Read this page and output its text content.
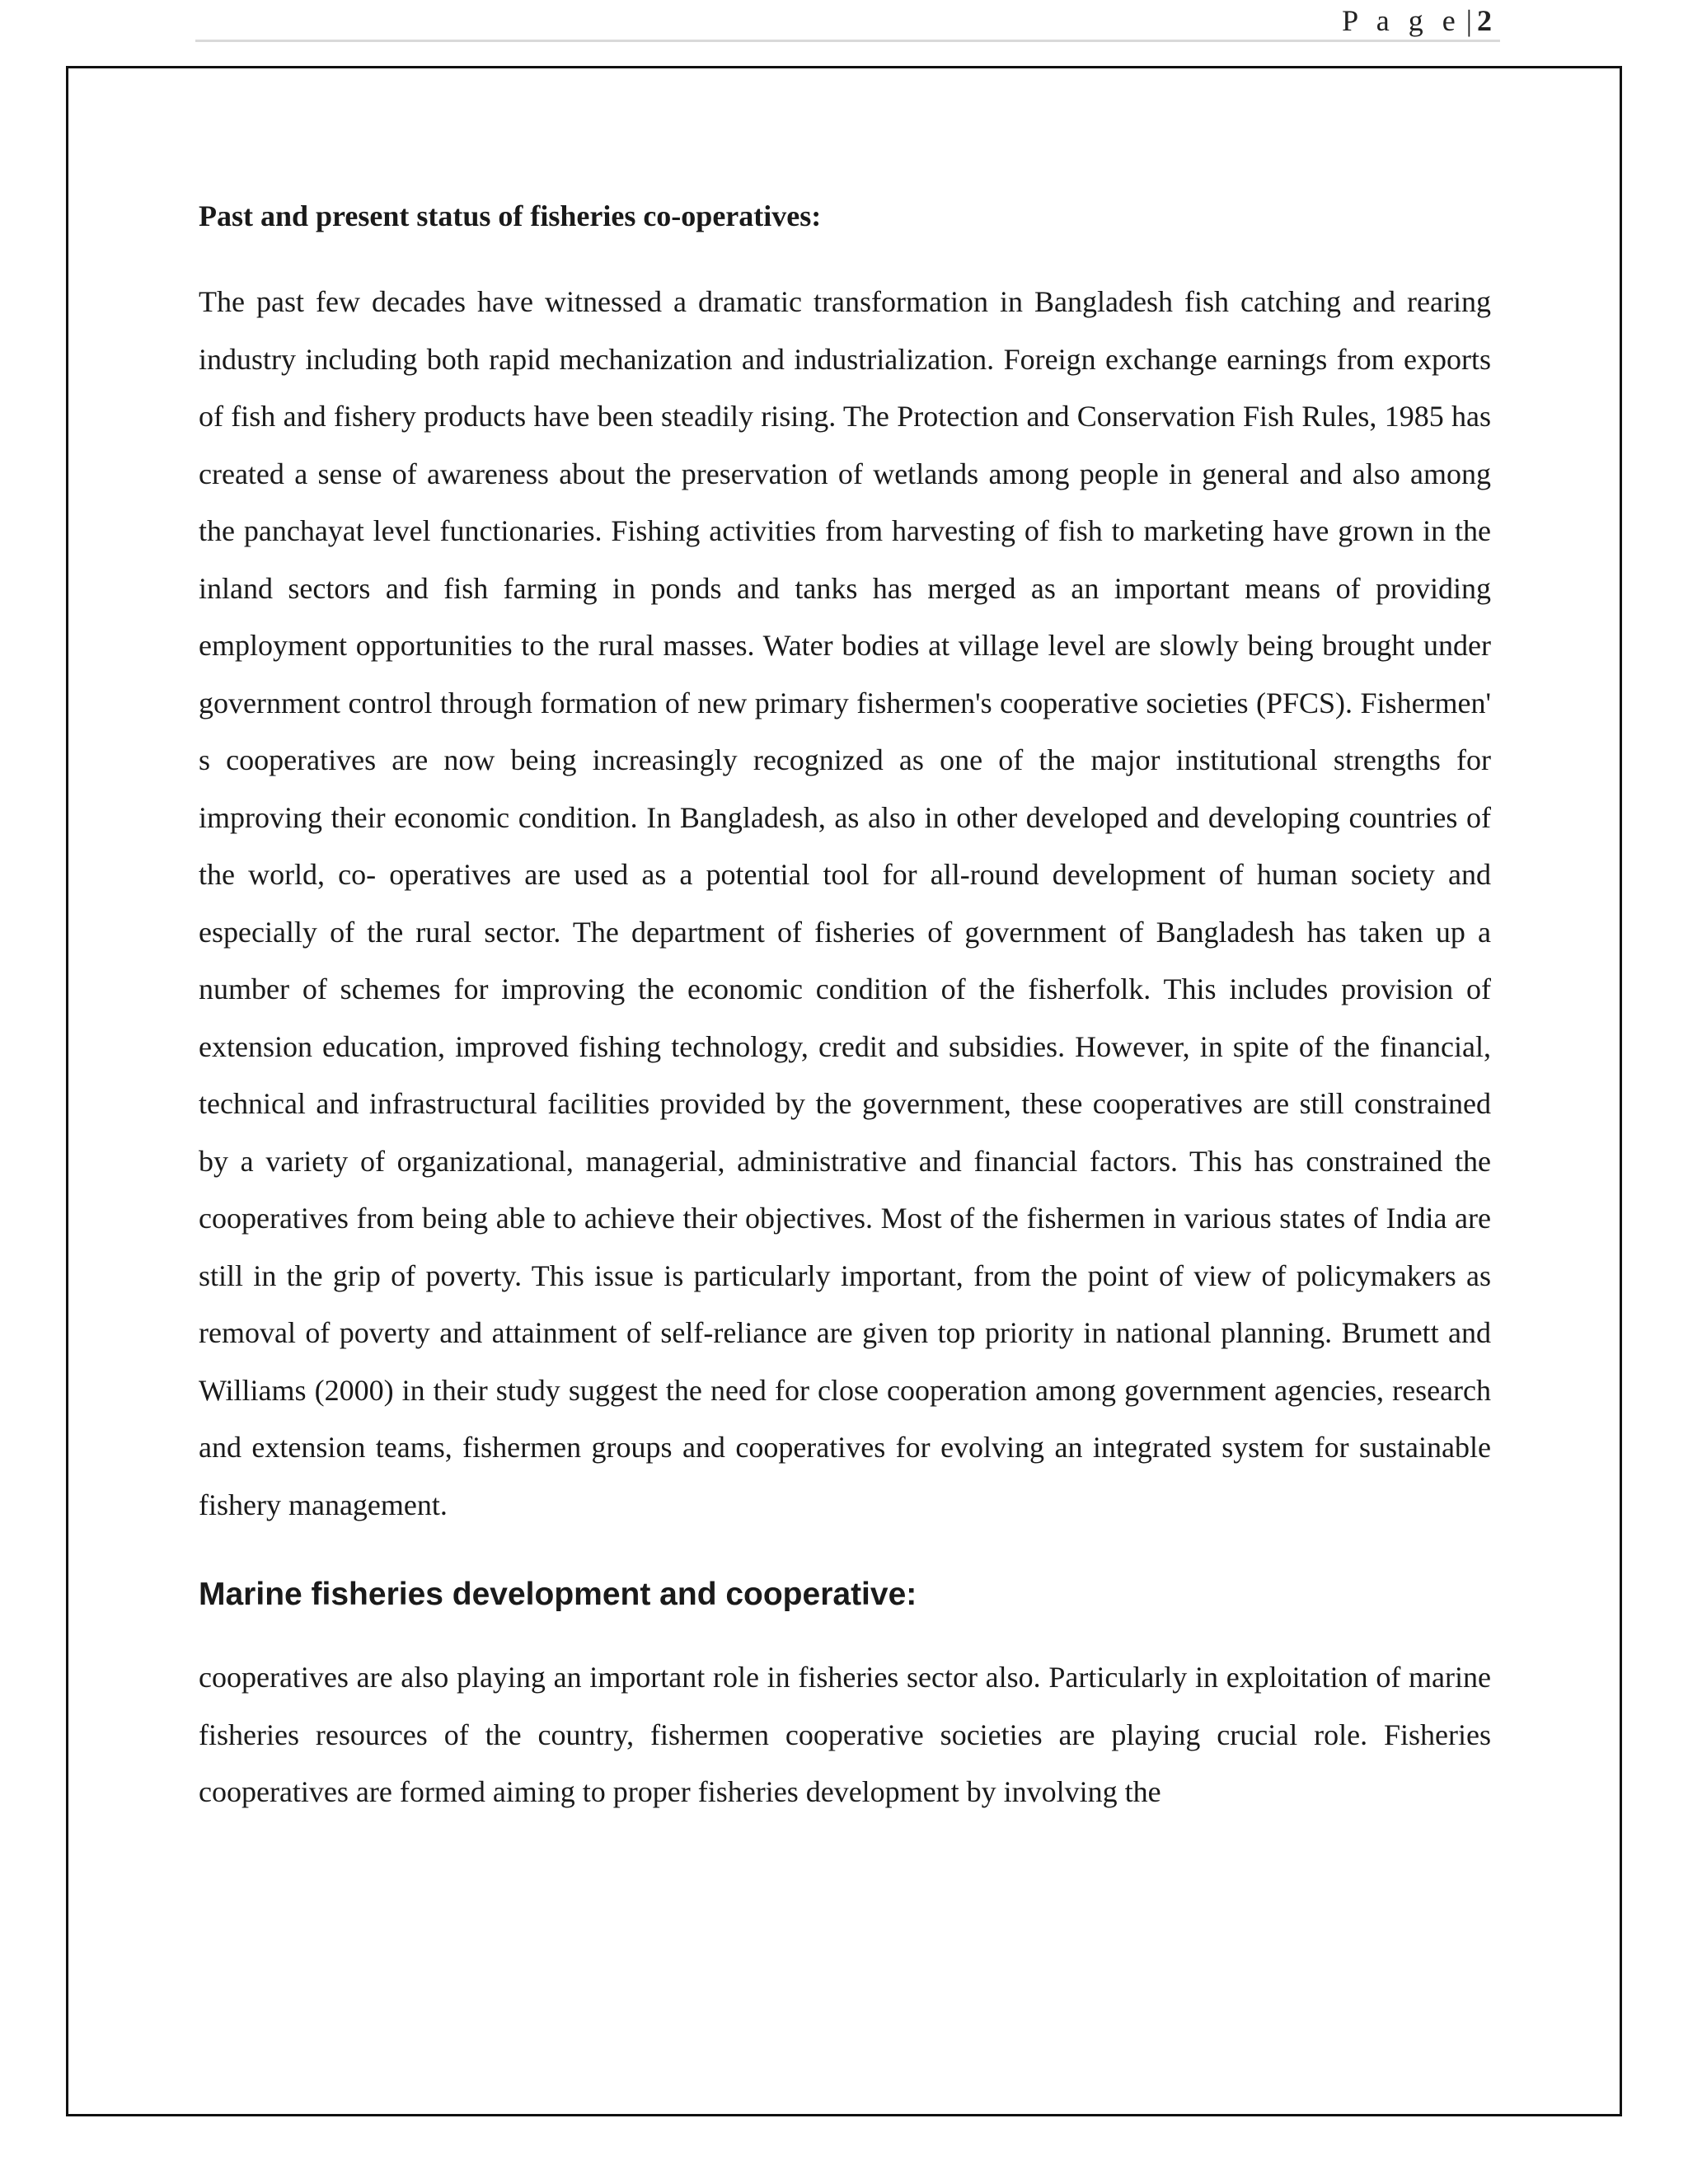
P a g e | 2
Past and present status of fisheries co-operatives:

The past few decades have witnessed a dramatic transformation in Bangladesh fish catching and rearing industry including both rapid mechanization and industrialization. Foreign exchange earnings from exports of fish and fishery products have been steadily rising. The Protection and Conservation Fish Rules, 1985 has created a sense of awareness about the preservation of wetlands among people in general and also among the panchayat level functionaries. Fishing activities from harvesting of fish to marketing have grown in the inland sectors and fish farming in ponds and tanks has merged as an important means of providing employment opportunities to the rural masses. Water bodies at village level are slowly being brought under government control through formation of new primary fishermen's cooperative societies (PFCS). Fishermen' s cooperatives are now being increasingly recognized as one of the major institutional strengths for improving their economic condition. In Bangladesh, as also in other developed and developing countries of the world, co- operatives are used as a potential tool for all-round development of human society and especially of the rural sector. The department of fisheries of government of Bangladesh has taken up a number of schemes for improving the economic condition of the fisherfolk. This includes provision of extension education, improved fishing technology, credit and subsidies. However, in spite of the financial, technical and infrastructural facilities provided by the government, these cooperatives are still constrained by a variety of organizational, managerial, administrative and financial factors. This has constrained the cooperatives from being able to achieve their objectives. Most of the fishermen in various states of India are still in the grip of poverty. This issue is particularly important, from the point of view of policymakers as removal of poverty and attainment of self-reliance are given top priority in national planning. Brumett and Williams (2000) in their study suggest the need for close cooperation among government agencies, research and extension teams, fishermen groups and cooperatives for evolving an integrated system for sustainable fishery management.

Marine fisheries development and cooperative:

cooperatives are also playing an important role in fisheries sector also. Particularly in exploitation of marine fisheries resources of the country, fishermen cooperative societies are playing crucial role. Fisheries cooperatives are formed aiming to proper fisheries development by involving the
